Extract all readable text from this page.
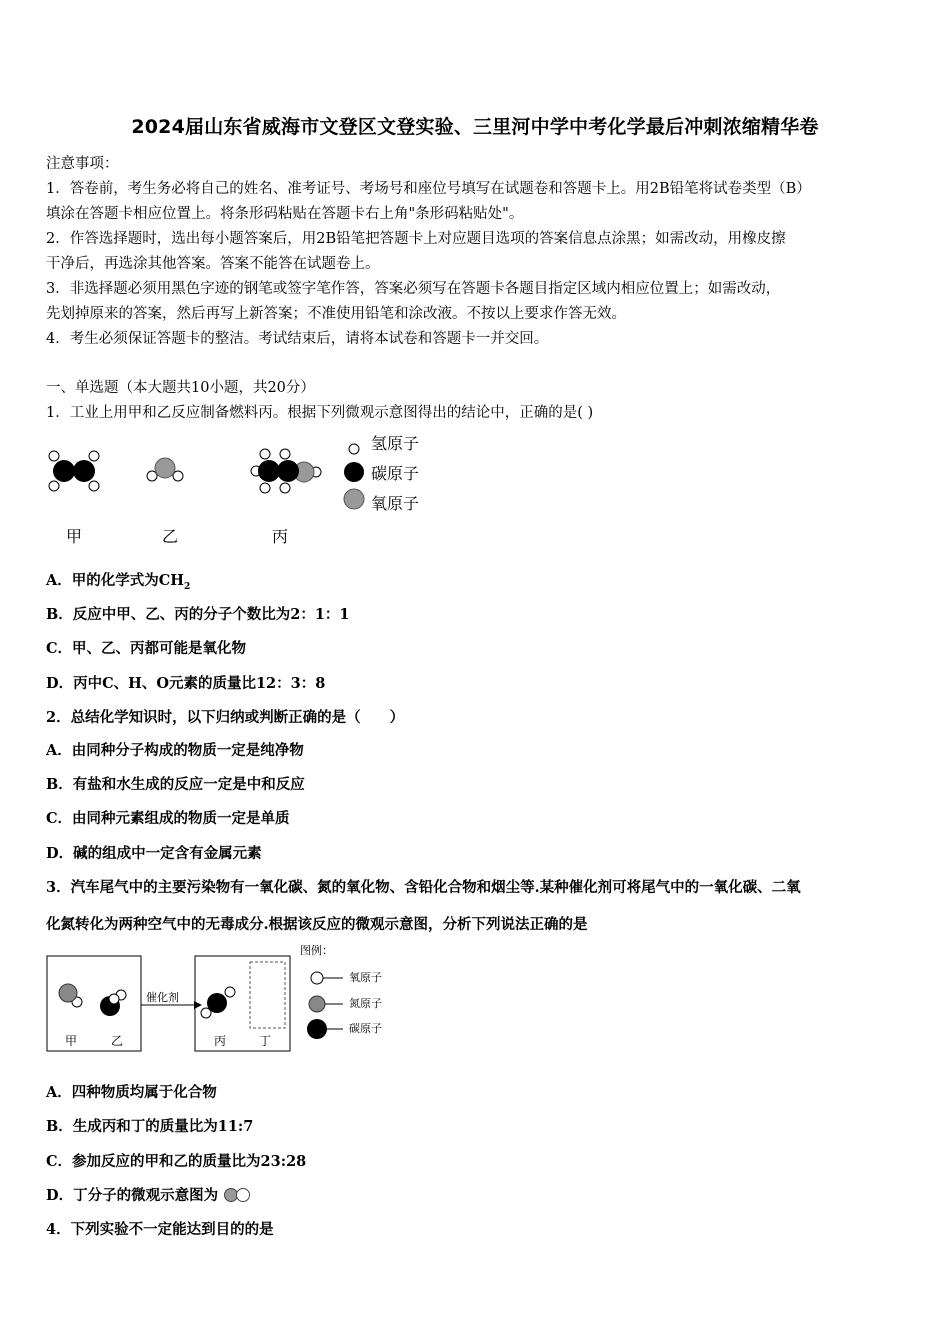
2024届山东省威海市文登区文登实验、三里河中学中考化学最后冲刺浓缩精华卷
注意事项：
1．答卷前，考生务必将自己的姓名、准考证号、考场号和座位号填写在试题卷和答题卡上。用2B铅笔将试卷类型（B）
填涂在答题卡相应位置上。将条形码粘贴在答题卡右上角"条形码粘贴处"。
2．作答选择题时，选出每小题答案后，用2B铅笔把答题卡上对应题目选项的答案信息点涂黑；如需改动，用橡皮擦
干净后，再选涂其他答案。答案不能答在试题卷上。
3．非选择题必须用黑色字迹的钢笔或签字笔作答，答案必须写在答题卡各题目指定区域内相应位置上；如需改动，
先划掉原来的答案，然后再写上新答案；不准使用铅笔和涂改液。不按以上要求作答无效。
4．考生必须保证答题卡的整洁。考试结束后，请将本试卷和答题卡一并交回。
一、单选题（本大题共10小题，共20分）
1．工业上用甲和乙反应制备燃料丙。根据下列微观示意图得出的结论中，正确的是( )
氢原子
碳原子
氧原子
甲	乙	丙
A．甲的化学式为$CH_2$
B．反应中甲、乙、丙的分子个数比为2：1：1
C．甲、乙、丙都可能是氧化物
D．丙中C、H、O元素的质量比12：3：8
2．总结化学知识时，以下归纳或判断正确的是（　　）
A．由同种分子构成的物质一定是纯净物
B．有盐和水生成的反应一定是中和反应
C．由同种元素组成的物质一定是单质
D．碱的组成中一定含有金属元素
3．汽车尾气中的主要污染物有一氧化碳、氮的氧化物、含铅化合物和烟尘等.某种催化剂可将尾气中的一氧化碳、二氧
化氮转化为两种空气中的无毒成分.根据该反应的微观示意图，分析下列说法正确的是
甲	乙
催化剂
丙	丁
图例：
氧原子
氮原子
碳原子
A．四种物质均属于化合物
B．生成丙和丁的质量比为11:7
C．参加反应的甲和乙的质量比为23:28
D．丁分子的微观示意图为
4．下列实验不一定能达到目的的是
